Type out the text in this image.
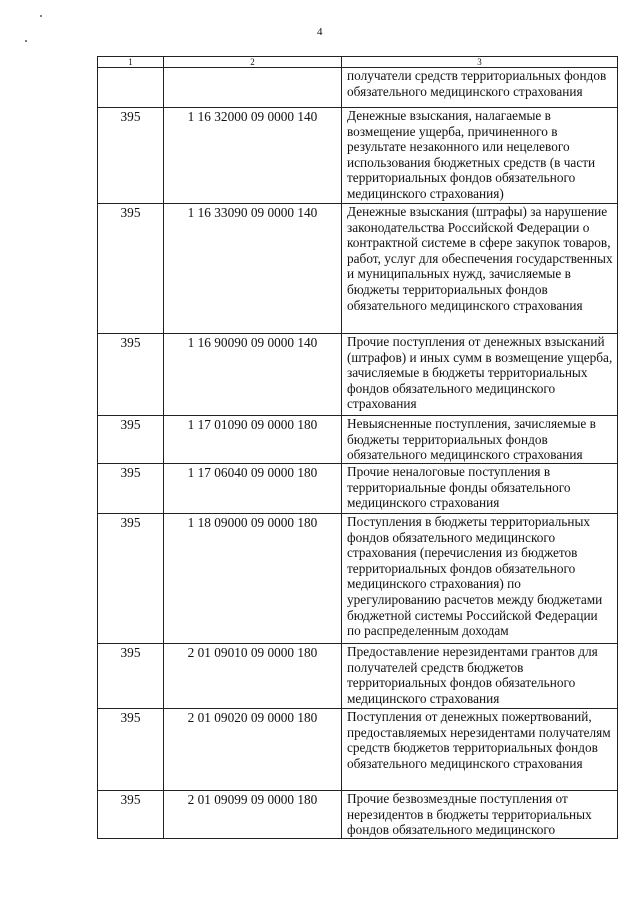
4
1	2	3
		получатели средств территориальных фондов обязательного медицинского страхования
395	1 16 32000 09 0000 140	Денежные взыскания, налагаемые в возмещение ущерба, причиненного в результате незаконного или нецелевого использования бюджетных средств (в части территориальных фондов обязательного медицинского страхования)
395	1 16 33090 09 0000 140	Денежные взыскания (штрафы) за нарушение законодательства Российской Федерации о контрактной системе в сфере закупок товаров, работ, услуг для обеспечения государственных и муниципальных нужд, зачисляемые в бюджеты территориальных фондов обязательного медицинского страхования
395	1 16 90090 09 0000 140	Прочие поступления от денежных взысканий (штрафов) и иных сумм в возмещение ущерба, зачисляемые в бюджеты территориальных фондов обязательного медицинского страхования
395	1 17 01090 09 0000 180	Невыясненные поступления, зачисляемые в бюджеты территориальных фондов обязательного медицинского страхования
395	1 17 06040 09 0000 180	Прочие неналоговые поступления в территориальные фонды обязательного медицинского страхования
395	1 18 09000 09 0000 180	Поступления в бюджеты территориальных фондов обязательного медицинского страхования (перечисления из бюджетов территориальных фондов обязательного медицинского страхования) по урегулированию расчетов между бюджетами бюджетной системы Российской Федерации по распределенным доходам
395	2 01 09010 09 0000 180	Предоставление нерезидентами грантов для получателей средств бюджетов территориальных фондов обязательного медицинского страхования
395	2 01 09020 09 0000 180	Поступления от денежных пожертвований, предоставляемых нерезидентами получателям средств бюджетов территориальных фондов обязательного медицинского страхования
395	2 01 09099 09 0000 180	Прочие безвозмездные поступления от нерезидентов в бюджеты территориальных фондов обязательного медицинского
